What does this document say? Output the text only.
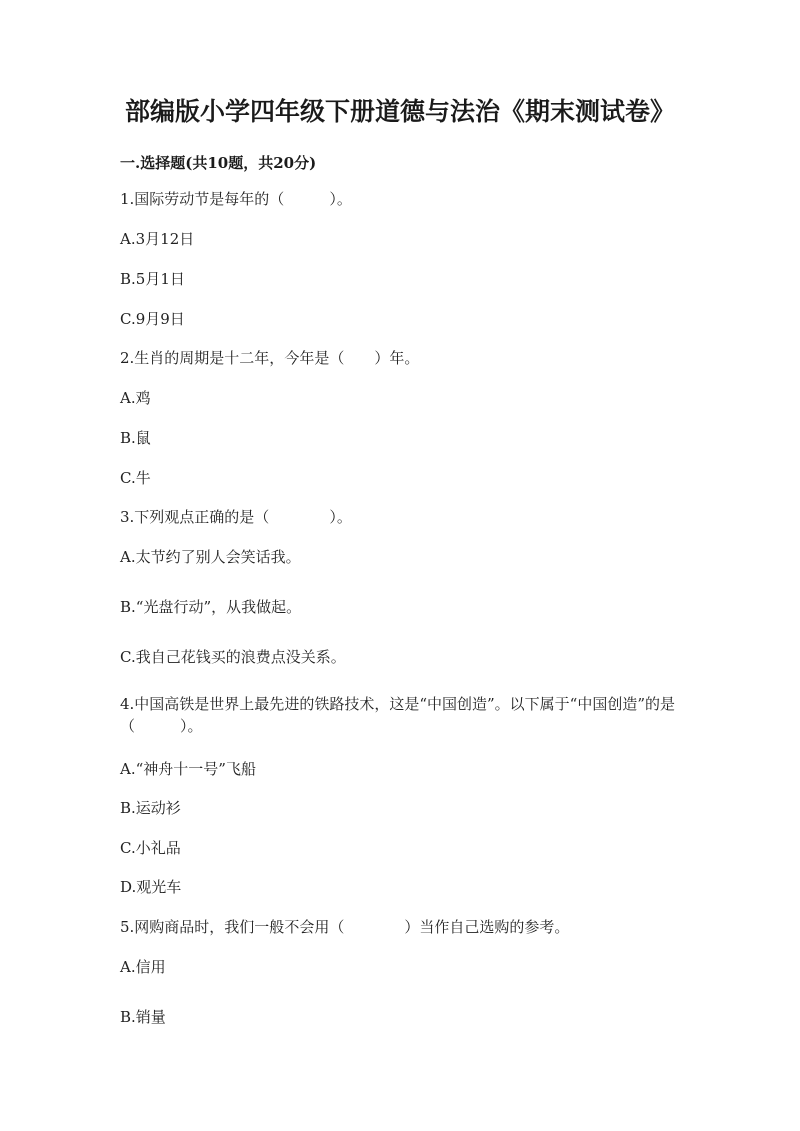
部编版小学四年级下册道德与法治《期末测试卷》
一.选择题(共10题，共20分)

1.国际劳动节是每年的（　　　）。

A.3月12日

B.5月1日

C.9月9日

2.生肖的周期是十二年，今年是（　　）年。

A.鸡

B.鼠

C.牛

3.下列观点正确的是（　　　　）。

A.太节约了别人会笑话我。

B.“光盘行动”，从我做起。

C.我自己花钱买的浪费点没关系。

4.中国高铁是世界上最先进的铁路技术，这是“中国创造”。以下属于“中国创造”的是（　　　）。

A.“神舟十一号”飞船

B.运动衫

C.小礼品

D.观光车

5.网购商品时，我们一般不会用（　　　　）当作自己选购的参考。

A.信用

B.销量
